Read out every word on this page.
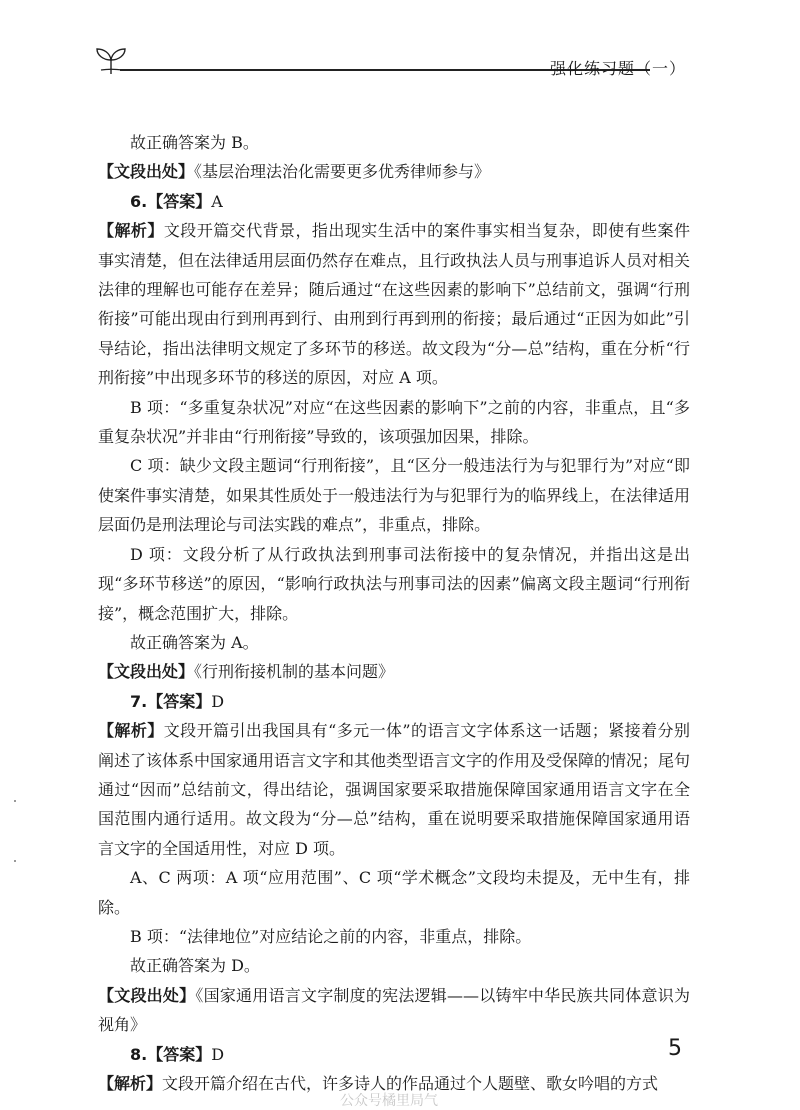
强化练习题（一）

故正确答案为 B。

【文段出处】《基层治理法治化需要更多优秀律师参与》

6.【答案】A

【解析】文段开篇交代背景，指出现实生活中的案件事实相当复杂，即使有些案件事实清楚，但在法律适用层面仍然存在难点，且行政执法人员与刑事追诉人员对相关法律的理解也可能存在差异；随后通过“在这些因素的影响下”总结前文，强调“行刑衔接”可能出现由行到刑再到行、由刑到行再到刑的衔接；最后通过“正因为如此”引导结论，指出法律明文规定了多环节的移送。故文段为“分—总”结构，重在分析“行刑衔接”中出现多环节的移送的原因，对应 A 项。

B 项：“多重复杂状况”对应“在这些因素的影响下”之前的内容，非重点，且“多重复杂状况”并非由“行刑衔接”导致的，该项强加因果，排除。

C 项：缺少文段主题词“行刑衔接”，且“区分一般违法行为与犯罪行为”对应“即使案件事实清楚，如果其性质处于一般违法行为与犯罪行为的临界线上，在法律适用层面仍是刑法理论与司法实践的难点”，非重点，排除。

D 项：文段分析了从行政执法到刑事司法衔接中的复杂情况，并指出这是出现“多环节移送”的原因，“影响行政执法与刑事司法的因素”偏离文段主题词“行刑衔接”，概念范围扩大，排除。

故正确答案为 A。

【文段出处】《行刑衔接机制的基本问题》

7.【答案】D

【解析】文段开篇引出我国具有“多元一体”的语言文字体系这一话题；紧接着分别阐述了该体系中国家通用语言文字和其他类型语言文字的作用及受保障的情况；尾句通过“因而”总结前文，得出结论，强调国家要采取措施保障国家通用语言文字在全国范围内通行适用。故文段为“分—总”结构，重在说明要采取措施保障国家通用语言文字的全国适用性，对应 D 项。

A、C 两项：A 项“应用范围”、C 项“学术概念”文段均未提及，无中生有，排除。

B 项：“法律地位”对应结论之前的内容，非重点，排除。

故正确答案为 D。

【文段出处】《国家通用语言文字制度的宪法逻辑——以铸牢中华民族共同体意识为视角》

8.【答案】D

【解析】文段开篇介绍在古代，许多诗人的作品通过个人题壁、歌女吟唱的方式

5
公众号橘里局气
